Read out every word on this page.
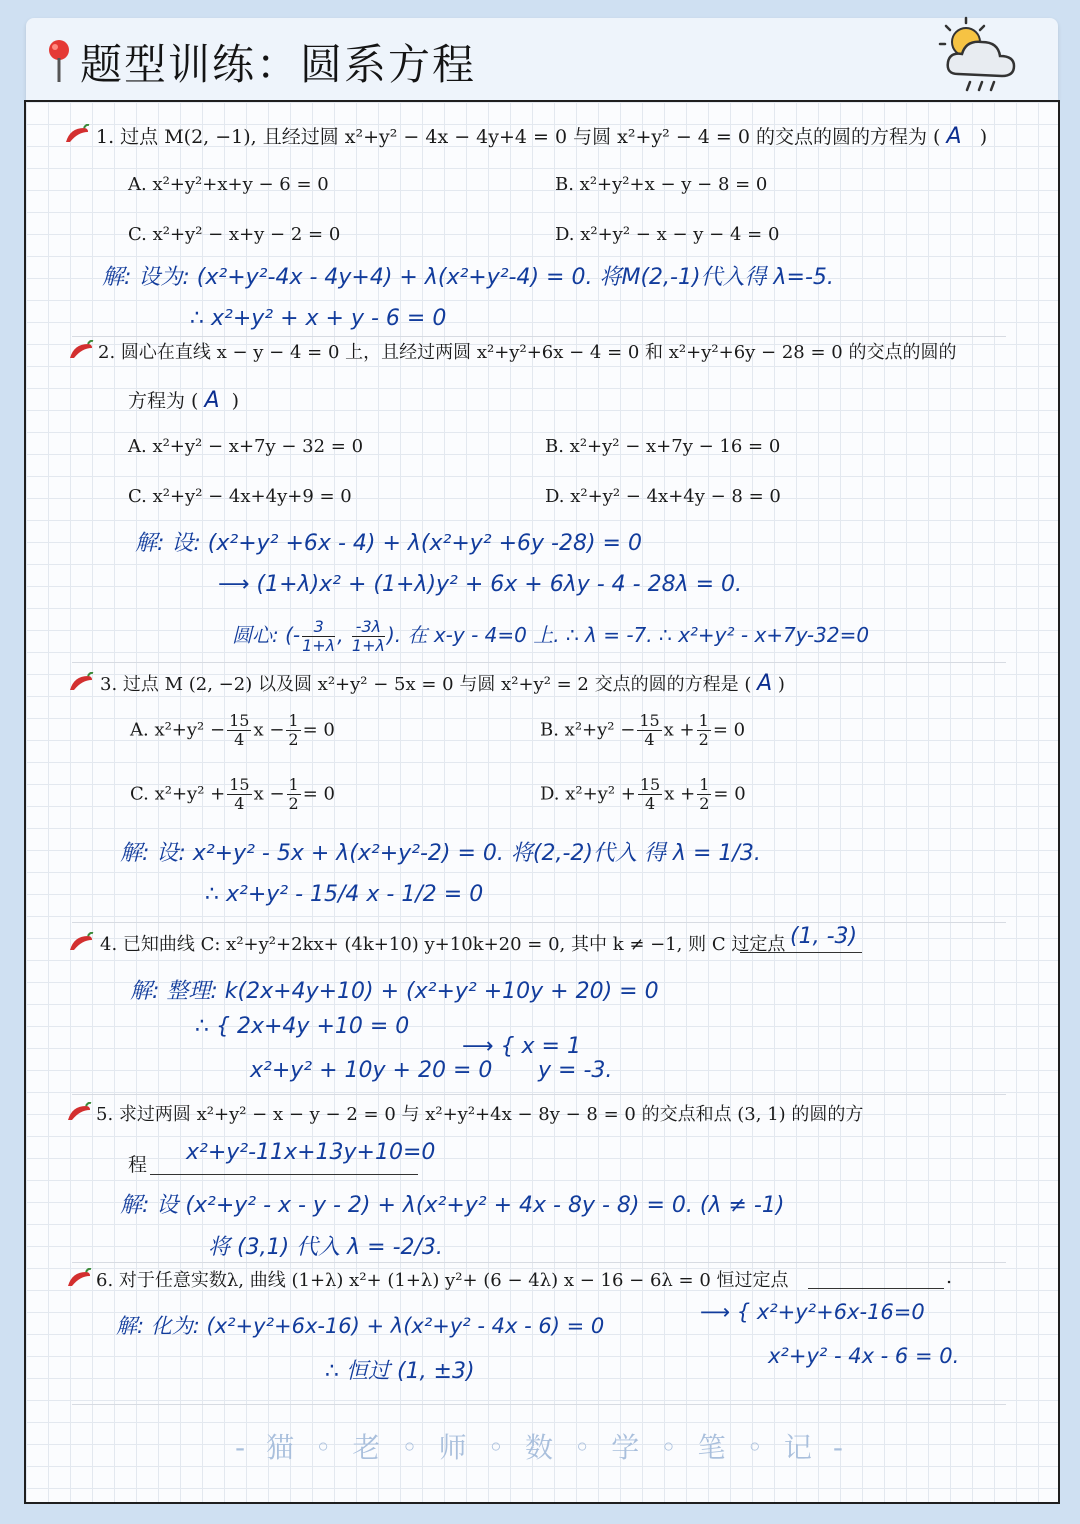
题型训练：圆系方程
1. 过点 M(2, −1), 且经过圆 x²+y² − 4x − 4y+4 = 0 与圆 x²+y² − 4 = 0 的交点的圆的方程为 ( A )
A. x²+y²+x+y − 6 = 0	B. x²+y²+x − y − 8 = 0
C. x²+y² − x+y − 2 = 0	D. x²+y² − x − y − 4 = 0
解: 设为: (x²+y²-4x - 4y+4) + λ(x²+y²-4) = 0. 将M(2,-1)代入得 λ=-5.
∴ x²+y² + x + y - 6 = 0
2. 圆心在直线 x − y − 4 = 0 上，且经过两圆 x²+y²+6x − 4 = 0 和 x²+y²+6y − 28 = 0 的交点的圆的
方程为 ( A )
A. x²+y² − x+7y − 32 = 0	B. x²+y² − x+7y − 16 = 0
C. x²+y² − 4x+4y+9 = 0	D. x²+y² − 4x+4y − 8 = 0
解: 设: (x²+y² +6x - 4) + λ(x²+y² +6y -28) = 0
⟶ (1+λ)x² + (1+λ)y² + 6x + 6λy - 4 - 28λ = 0.
圆心: (- $\frac{3}{1+\lambda}$ , $\frac{-3\lambda}{1+\lambda}$ ). 在 x-y - 4=0 上. ∴ λ = -7. ∴ x²+y² - x+7y-32=0
3. 过点 M (2, −2) 以及圆 x²+y² − 5x = 0 与圆 x²+y² = 2 交点的圆的方程是 ( A )
A. $x^2+y^2 - \frac{15}{4}$ $x - \frac{1}{2} = 0$	B. $x^2+y^2 - \frac{15}{4}$ $x + \frac{1}{2} = 0$
C. $x^2+y^2 + \frac{15}{4}$ $x - \frac{1}{2} = 0$	D. $x^2+y^2 + \frac{15}{4}$ $x + \frac{1}{2} = 0$
解: 设: x²+y² - 5x + λ(x²+y²-2) = 0. 将(2,-2)代入 得 λ = 1/3.
∴ x²+y² - 15/4 x - 1/2 = 0
4. 已知曲线 C: x²+y²+2kx+ (4k+10) y+10k+20 = 0, 其中 k ≠ −1, 则 C 过定点 (1, -3)
解: 整理: k(2x+4y+10) + (x²+y² +10y + 20) = 0
∴ { 2x+4y +10 = 0
x²+y² + 10y + 20 = 0
⟶ { x = 1
y = -3.
5. 求过两圆 x²+y² − x − y − 2 = 0 与 x²+y²+4x − 8y − 8 = 0 的交点和点 (3, 1) 的圆的方
程 x²+y²-11x+13y+10=0
解: 设 (x²+y² - x - y - 2) + λ(x²+y² + 4x - 8y - 8) = 0. (λ ≠ -1)
将 (3,1) 代入 λ = -2/3.
6. 对于任意实数λ, 曲线 (1+λ) x²+ (1+λ) y²+ (6 − 4λ) x − 16 − 6λ = 0 恒过定点	.
解: 化为: (x²+y²+6x-16) + λ(x²+y² - 4x - 6) = 0
⟶ { x²+y²+6x-16=0
x²+y² - 4x - 6 = 0.
∴ 恒过 (1, ±3)
- 猫 ◦ 老 ◦ 师 ◦ 数 ◦ 学 ◦ 笔 ◦ 记 -
